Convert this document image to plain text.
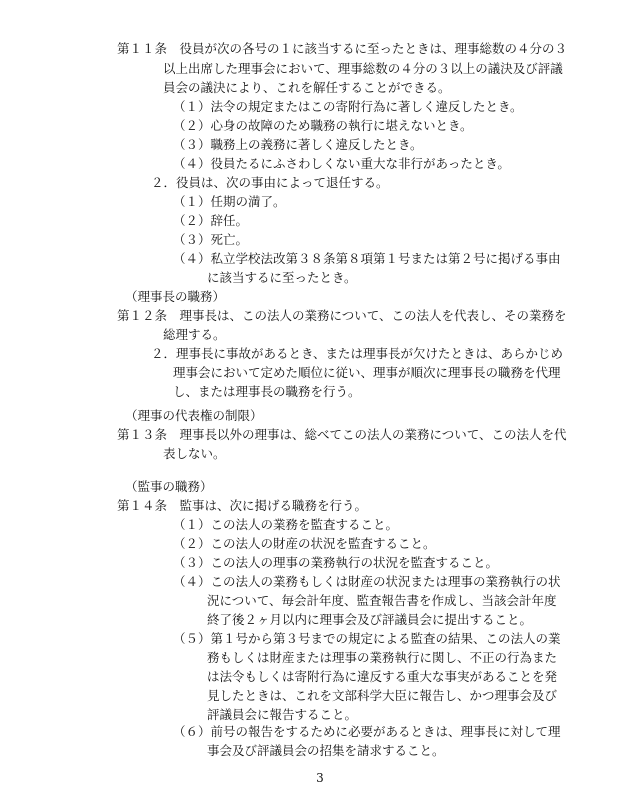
第１１条　役員が次の各号の１に該当するに至ったときは、理事総数の４分の３

以上出席した理事会において、理事総数の４分の３以上の議決及び評議

員会の議決により、これを解任することができる。

（１）法令の規定またはこの寄附行為に著しく違反したとき。

（２）心身の故障のため職務の執行に堪えないとき。

（３）職務上の義務に著しく違反したとき。

（４）役員たるにふさわしくない重大な非行があったとき。

２．役員は、次の事由によって退任する。

（１）任期の満了。

（２）辞任。

（３）死亡。

（４）私立学校法改第３８条第８項第１号または第２号に掲げる事由

に該当するに至ったとき。

（理事長の職務）

第１２条　理事長は、この法人の業務について、この法人を代表し、その業務を

総理する。

２．理事長に事故があるとき、または理事長が欠けたときは、あらかじめ

理事会において定めた順位に従い、理事が順次に理事長の職務を代理

し、または理事長の職務を行う。

（理事の代表権の制限）

第１３条　理事長以外の理事は、総べてこの法人の業務について、この法人を代

表しない。

（監事の職務）

第１４条　監事は、次に掲げる職務を行う。

（１）この法人の業務を監査すること。

（２）この法人の財産の状況を監査すること。

（３）この法人の理事の業務執行の状況を監査すること。

（４）この法人の業務もしくは財産の状況または理事の業務執行の状

況について、毎会計年度、監査報告書を作成し、当該会計年度

終了後２ヶ月以内に理事会及び評議員会に提出すること。

（５）第１号から第３号までの規定による監査の結果、この法人の業

務もしくは財産または理事の業務執行に関し、不正の行為また

は法令もしくは寄附行為に違反する重大な事実があることを発

見したときは、これを文部科学大臣に報告し、かつ理事会及び

評議員会に報告すること。

（６）前号の報告をするために必要があるときは、理事長に対して理

事会及び評議員会の招集を請求すること。

3
